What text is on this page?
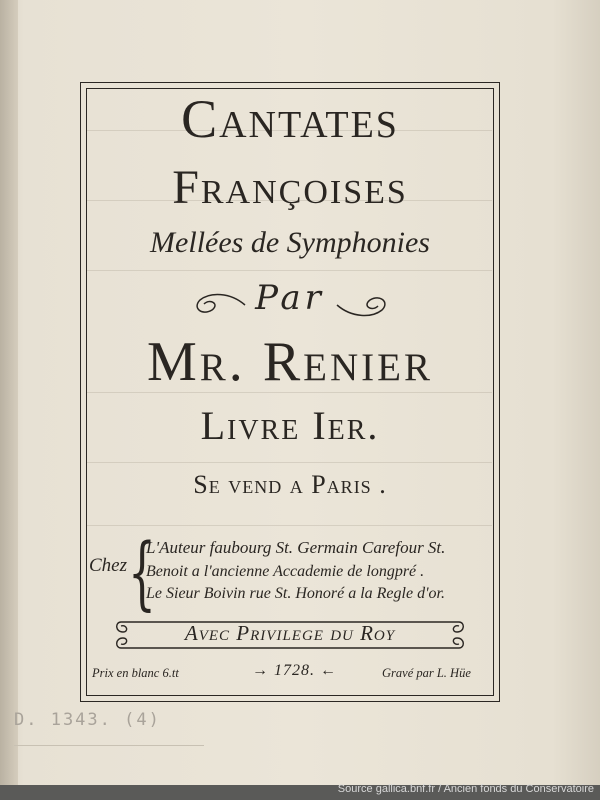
Cantates
Françoises
Mellées de Symphonies
Par
Mr. Renier
Livre Ier.
Se vend a Paris .
Chez {
L'Auteur faubourg St. Germain Carefour St.
Benoit a l'ancienne Accademie de longpré .
Le Sieur Boivin rue St. Honoré a la Regle d'or.
Avec Privilege du Roy
Prix en blanc 6.tt	→ 1728. ←	Gravé par L. Hüe
D. 1343. (4)
Source gallica.bnf.fr / Ancien fonds du Conservatoire
